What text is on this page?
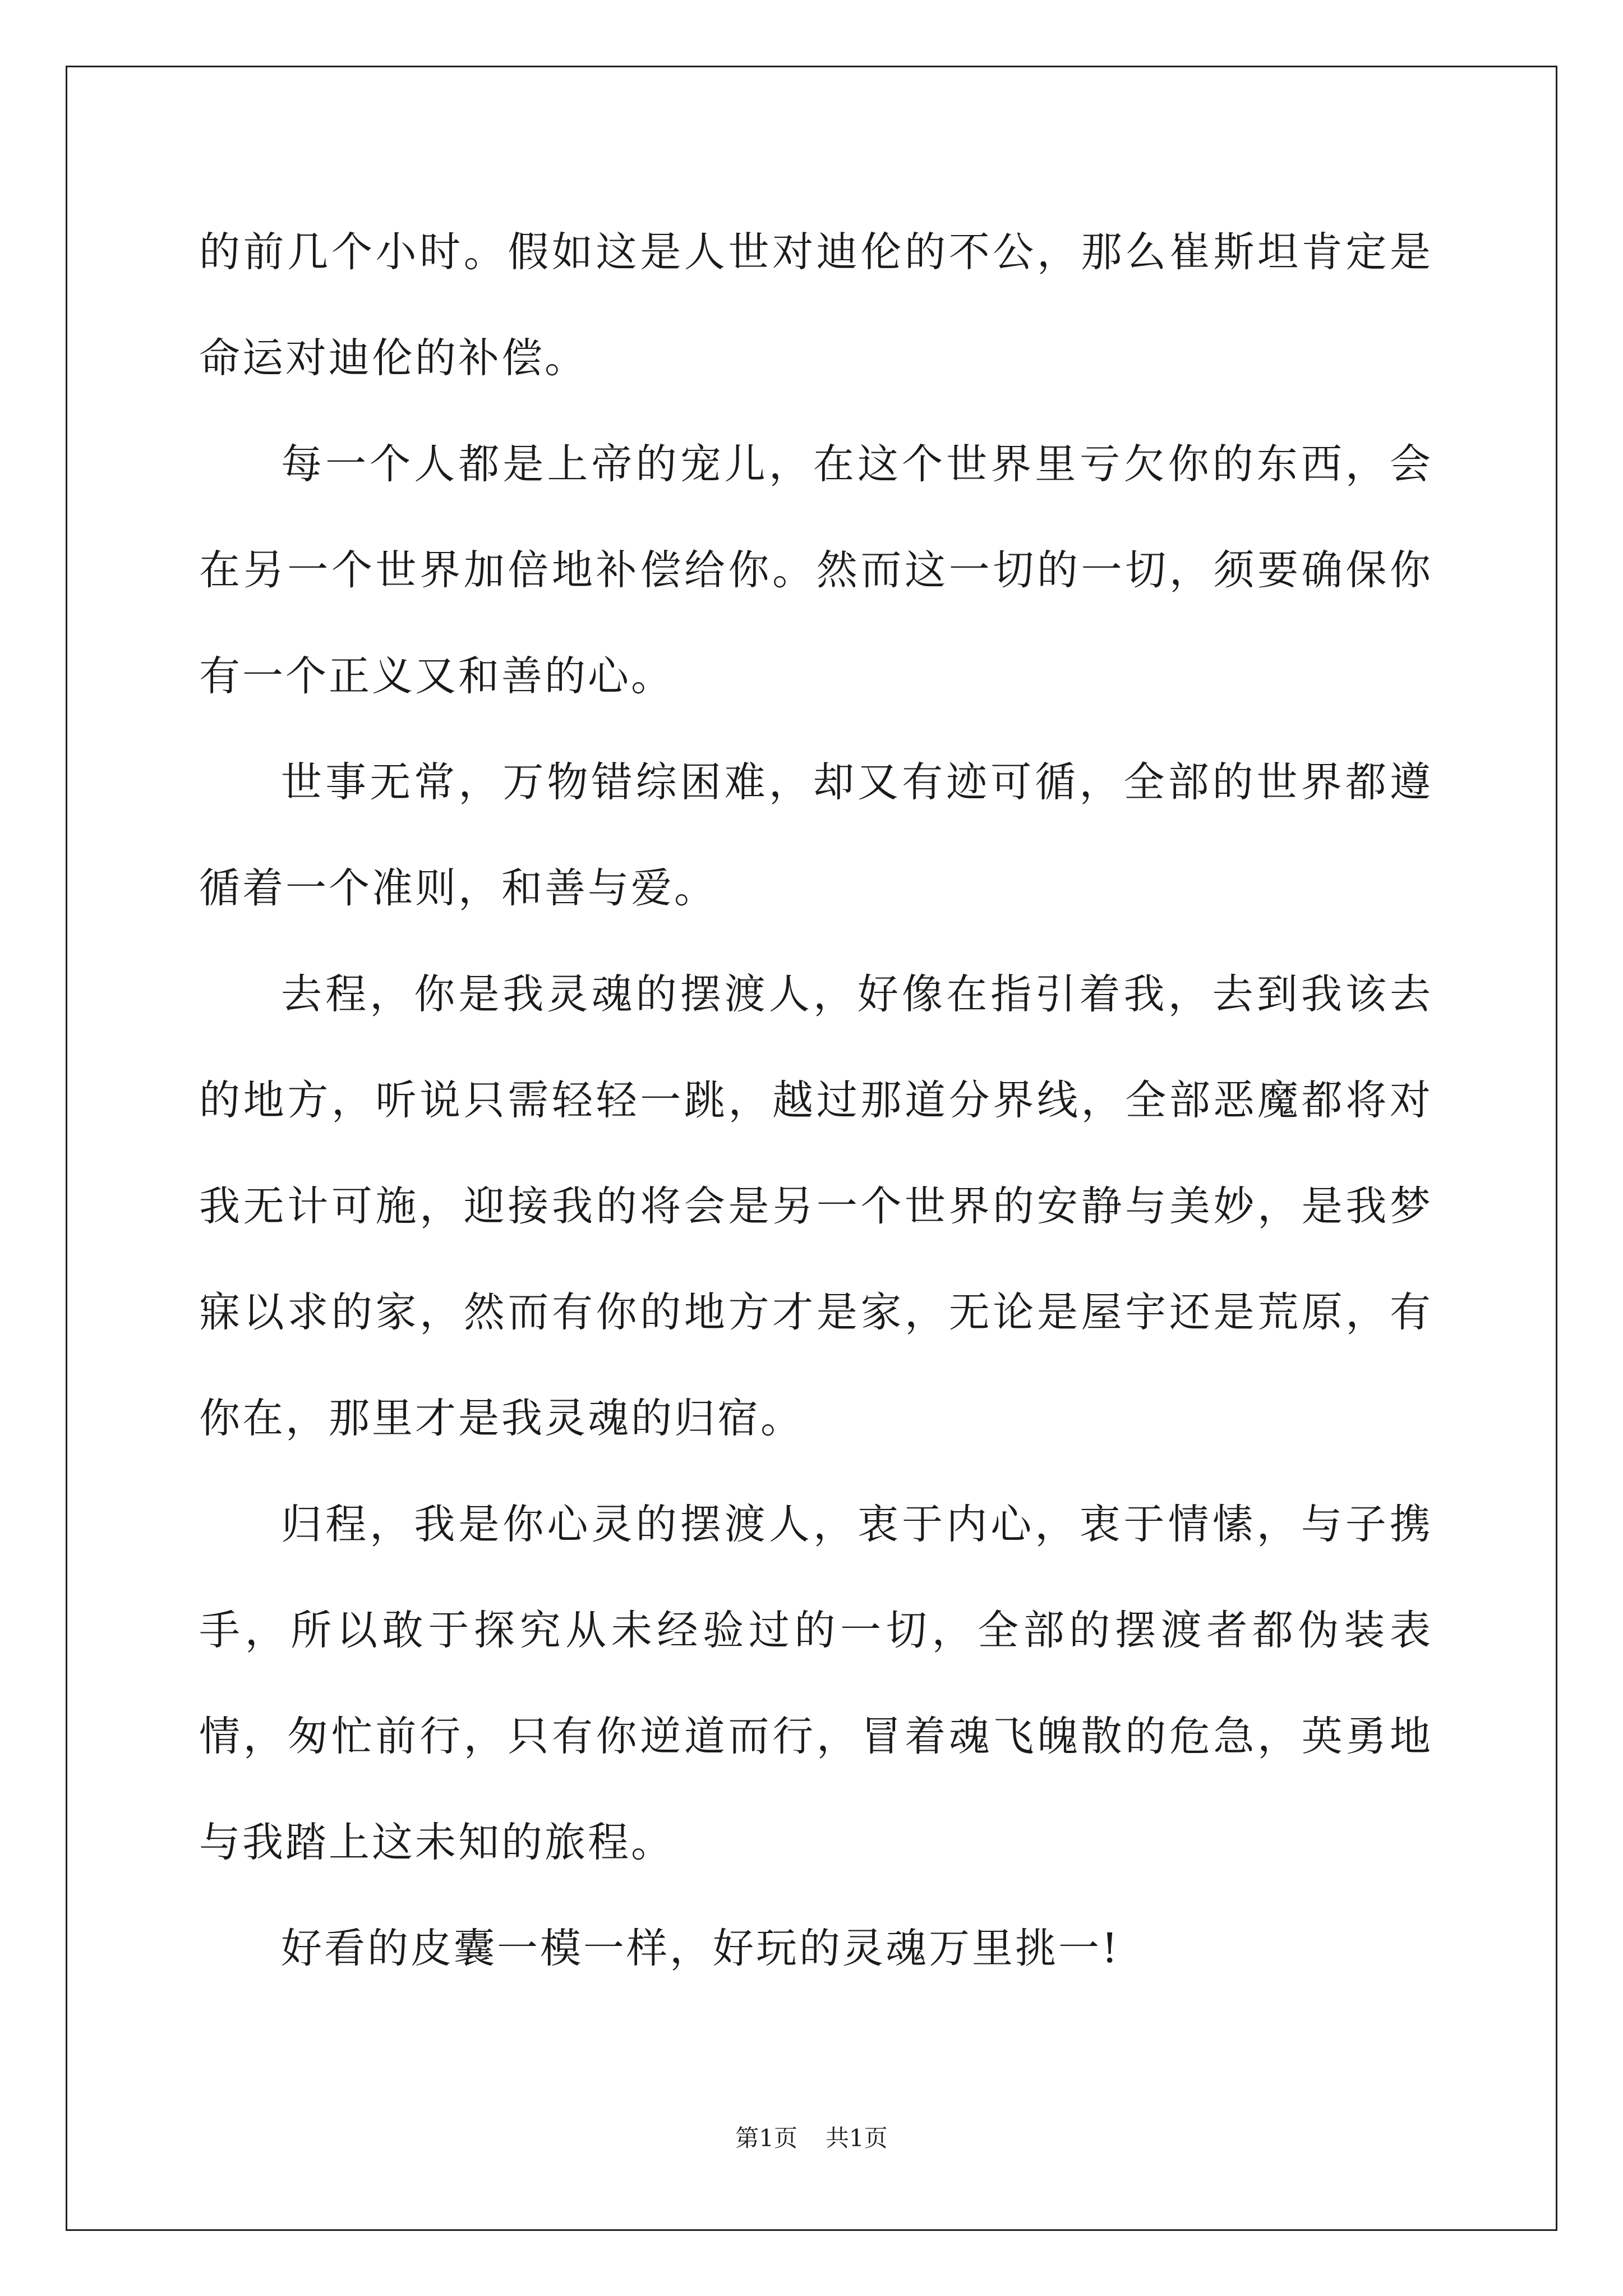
的前几个小时。假如这是人世对迪伦的不公，那么崔斯坦肯定是命运对迪伦的补偿。

每一个人都是上帝的宠儿，在这个世界里亏欠你的东西，会在另一个世界加倍地补偿给你。然而这一切的一切，须要确保你有一个正义又和善的心。

世事无常，万物错综困难，却又有迹可循，全部的世界都遵循着一个准则，和善与爱。

去程，你是我灵魂的摆渡人，好像在指引着我，去到我该去的地方，听说只需轻轻一跳，越过那道分界线，全部恶魔都将对我无计可施，迎接我的将会是另一个世界的安静与美妙，是我梦寐以求的家，然而有你的地方才是家，无论是屋宇还是荒原，有你在，那里才是我灵魂的归宿。

归程，我是你心灵的摆渡人，衷于内心，衷于情愫，与子携手，所以敢于探究从未经验过的一切，全部的摆渡者都伪装表情，匆忙前行，只有你逆道而行，冒着魂飞魄散的危急，英勇地与我踏上这未知的旅程。

好看的皮囊一模一样，好玩的灵魂万里挑一!

第1页 共1页
